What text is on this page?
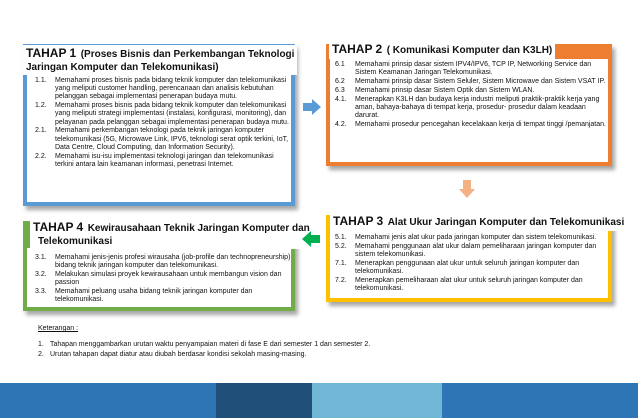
TAHAP 1 (Proses Bisnis dan Perkembangan Teknologi
Jaringan Komputer dan Telekomunikasi)
1.1.	Memahami proses bisnis pada bidang teknik komputer dan telekomunikasi yang meliputi customer handling, perencanaan dan analisis kebutuhan pelanggan sebagai implementasi penerapan budaya mutu.
1.2.	Memahami proses bisnis pada bidang teknik komputer dan telekomunikasi yang meliputi strategi implementasi (instalasi, konfigurasi, monitoring), dan pelayanan pada pelanggan sebagai implementasi penerapan budaya mutu.
2.1.	Memahami perkembangan teknologi pada teknik jaringan komputer telekomunikasi (5G, Microwave Link, IPV6, teknologi serat optik terkini, IoT, Data Centre, Cloud Computing, dan Information Security).
2.2.	Memahami isu-isu implementasi teknologi jaringan dan telekomunikasi terkini antara lain keamanan informasi, penetrasi Internet.
TAHAP 2 ( Komunikasi Komputer dan K3LH)
6.1	Memahami prinsip dasar sistem IPV4/IPV6, TCP IP, Networking Service dan Sistem Keamanan Jaringan Telekomunikasi.
6.2	Memahami prinsip dasar Sistem Seluler, Sistem Microwave dan Sistem VSAT IP.
6.3	Memahami prinsip dasar Sistem Optik dan Sistem WLAN.
4.1.	Menerapkan K3LH dan budaya kerja industri meliputi praktik-praktik kerja yang aman, bahaya-bahaya di tempat kerja, prosedur- prosedur dalam keadaan darurat.
4.2.	Memahami prosedur pencegahan kecelakaan kerja di tempat tinggi /pemanjatan.
TAHAP 3 Alat Ukur Jaringan Komputer dan Telekomunikasi
5.1.	Memahami jenis alat ukur pada jaringan komputer dan sistem telekomunikasi.
5.2.	Memahami penggunaan alat ukur dalam pemeliharaan jaringan komputer dan sistem telekomunikasi.
7.1.	Menerapkan penggunaan alat ukur untuk seluruh jaringan komputer dan telekomunikasi.
7.2.	Menerapkan pemeliharaan alat ukur untuk seluruh jaringan komputer dan telekomunikasi.
TAHAP 4 Kewirausahaan Teknik Jaringan Komputer dan
Telekomunikasi
3.1.	Memahami jenis-jenis profesi wirausaha (job-profile dan technopreneurship) bidang teknik jaringan komputer dan telekomunikasi.
3.2.	Melakukan simulasi proyek kewirausahaan untuk membangun vision dan passion
3.3.	Memahami peluang usaha bidang teknik jaringan komputer dan telekomunikasi.
Keterangan :
1. Tahapan menggambarkan urutan waktu penyampaian materi di fase E dari semester 1 dan semester 2.
2. Urutan tahapan dapat diatur atau diubah berdasar kondisi sekolah masing-masing.
